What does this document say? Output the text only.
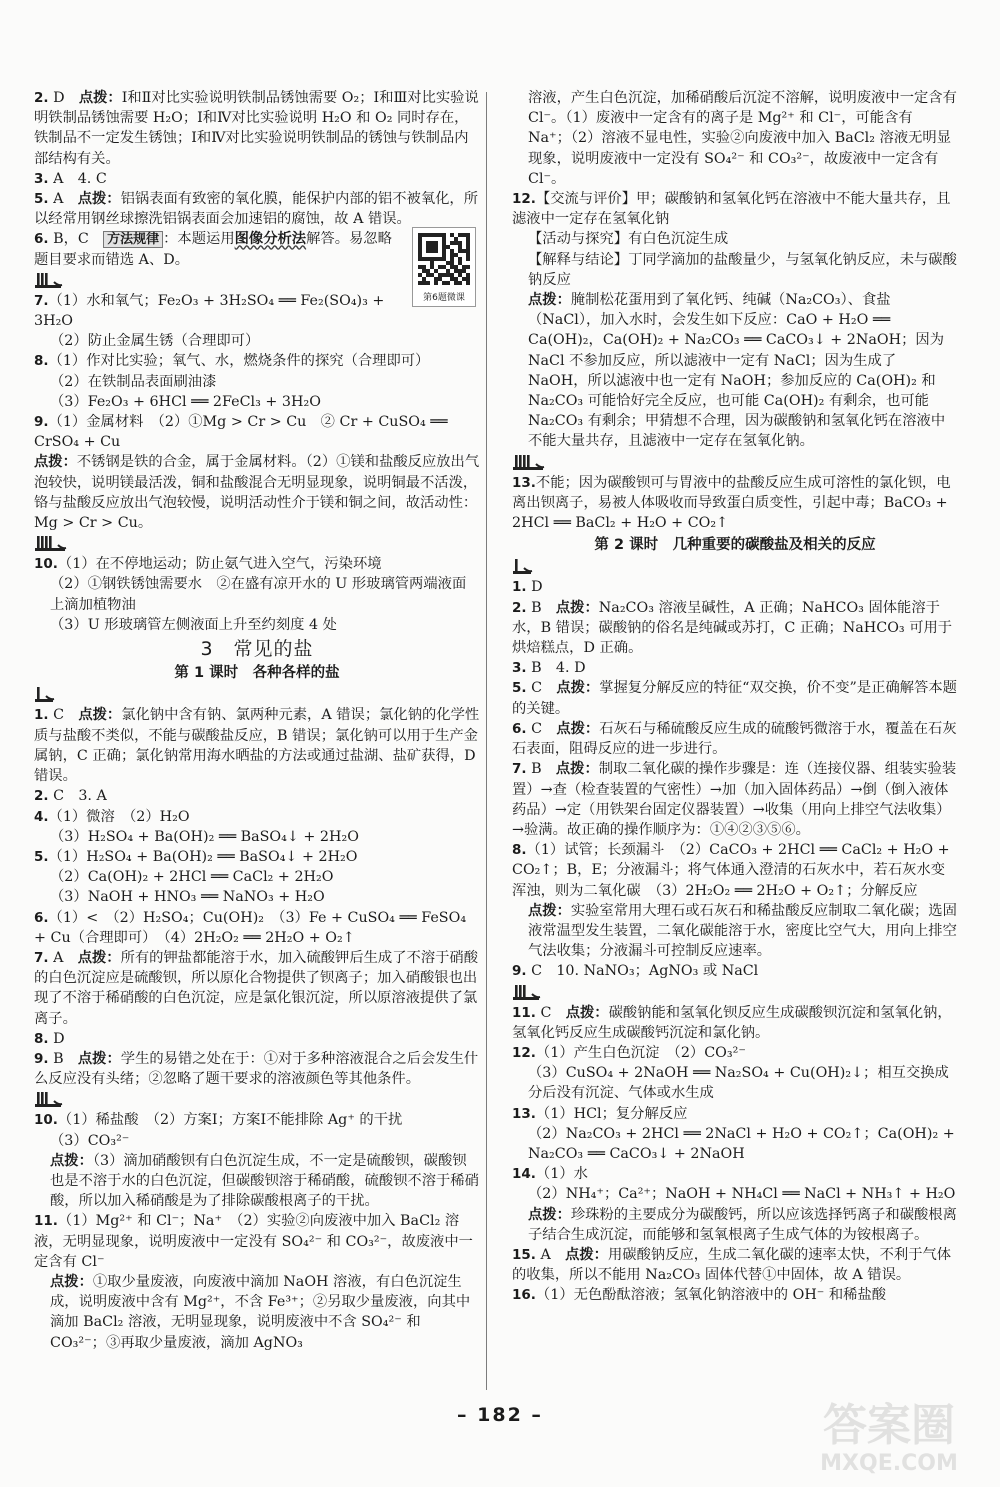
2. D　点拨：Ⅰ和Ⅱ对比实验说明铁制品锈蚀需要 O₂；Ⅰ和Ⅲ对比实验说明铁制品锈蚀需要 H₂O；Ⅰ和Ⅳ对比实验说明 H₂O 和 O₂ 同时存在，铁制品不一定发生锈蚀；Ⅰ和Ⅳ对比实验说明铁制品的锈蚀与铁制品内部结构有关。
3. A　4. C
5. A　点拨：铝锅表面有致密的氧化膜，能保护内部的铝不被氧化，所以经常用钢丝球擦洗铝锅表面会加速铝的腐蚀，故 A 错误。
第6题微课
6. B，C　方法规律 ：本题运用图像分析法解答。易忽略题目要求而错选 A、D。
7.（1）水和氧气；Fe₂O₃ + 3H₂SO₄ ══ Fe₂(SO₄)₃ + 3H₂O
（2）防止金属生锈（合理即可）
8.（1）作对比实验；氧气、水，燃烧条件的探究（合理即可）
（2）在铁制品表面刷油漆
（3）Fe₂O₃ + 6HCl ══ 2FeCl₃ + 3H₂O
9.（1）金属材料　（2）①Mg > Cr > Cu　② Cr + CuSO₄ ══ CrSO₄ + Cu
点拨：不锈钢是铁的合金，属于金属材料。（2）①镁和盐酸反应放出气泡较快，说明镁最活泼，铜和盐酸混合无明显现象，说明铜最不活泼，铬与盐酸反应放出气泡较慢，说明活动性介于镁和铜之间，故活动性：Mg > Cr > Cu。
10.（1）在不停地运动；防止氨气进入空气，污染环境
（2）①钢铁锈蚀需要水　②在盛有凉开水的 U 形玻璃管两端液面上滴加植物油
（3）U 形玻璃管左侧液面上升至约刻度 4 处
3　常见的盐
第 1 课时　各种各样的盐
1. C　点拨：氯化钠中含有钠、氯两种元素，A 错误；氯化钠的化学性质与盐酸不类似，不能与碳酸盐反应，B 错误；氯化钠可以用于生产金属钠，C 正确；氯化钠常用海水晒盐的方法或通过盐湖、盐矿获得，D 错误。
2. C　3. A
4.（1）微溶　（2）H₂O
（3）H₂SO₄ + Ba(OH)₂ ══ BaSO₄↓ + 2H₂O
5.（1）H₂SO₄ + Ba(OH)₂ ══ BaSO₄↓ + 2H₂O
（2）Ca(OH)₂ + 2HCl ══ CaCl₂ + 2H₂O
（3）NaOH + HNO₃ ══ NaNO₃ + H₂O
6.（1）<　（2）H₂SO₄；Cu(OH)₂　（3）Fe + CuSO₄ ══ FeSO₄ + Cu（合理即可）　（4）2H₂O₂ ══ 2H₂O + O₂↑
7. A　点拨：所有的钾盐都能溶于水，加入硫酸钾后生成了不溶于硝酸的白色沉淀应是硫酸钡，所以原化合物提供了钡离子；加入硝酸银也出现了不溶于稀硝酸的白色沉淀，应是氯化银沉淀，所以原溶液提供了氯离子。
8. D
9. B　点拨：学生的易错之处在于：①对于多种溶液混合之后会发生什么反应没有头绪；②忽略了题干要求的溶液颜色等其他条件。
10.（1）稀盐酸　（2）方案Ⅰ；方案Ⅰ不能排除 Ag⁺ 的干扰
（3）CO₃²⁻
点拨：（3）滴加硝酸钡有白色沉淀生成，不一定是硫酸钡，碳酸钡也是不溶于水的白色沉淀，但碳酸钡溶于稀硝酸，硫酸钡不溶于稀硝酸，所以加入稀硝酸是为了排除碳酸根离子的干扰。
11.（1）Mg²⁺ 和 Cl⁻；Na⁺　（2）实验②向废液中加入 BaCl₂ 溶液，无明显现象，说明废液中一定没有 SO₄²⁻ 和 CO₃²⁻，故废液中一定含有 Cl⁻
点拨：①取少量废液，向废液中滴加 NaOH 溶液，有白色沉淀生成，说明废液中含有 Mg²⁺，不含 Fe³⁺；②另取少量废液，向其中滴加 BaCl₂ 溶液，无明显现象，说明废液中不含 SO₄²⁻ 和 CO₃²⁻；③再取少量废液，滴加 AgNO₃
溶液，产生白色沉淀，加稀硝酸后沉淀不溶解，说明废液中一定含有 Cl⁻。（1）废液中一定含有的离子是 Mg²⁺ 和 Cl⁻，可能含有 Na⁺；（2）溶液不显电性，实验②向废液中加入 BaCl₂ 溶液无明显现象，说明废液中一定没有 SO₄²⁻ 和 CO₃²⁻，故废液中一定含有 Cl⁻。
12.【交流与评价】甲；碳酸钠和氢氧化钙在溶液中不能大量共存，且滤液中一定存在氢氧化钠
【活动与探究】有白色沉淀生成
【解释与结论】丁同学滴加的盐酸量少，与氢氧化钠反应，未与碳酸钠反应
点拨：腌制松花蛋用到了氧化钙、纯碱（Na₂CO₃）、食盐（NaCl），加入水时，会发生如下反应：CaO + H₂O ══ Ca(OH)₂，Ca(OH)₂ + Na₂CO₃ ══ CaCO₃↓ + 2NaOH；因为 NaCl 不参加反应，所以滤液中一定有 NaCl；因为生成了 NaOH，所以滤液中也一定有 NaOH；参加反应的 Ca(OH)₂ 和 Na₂CO₃ 可能恰好完全反应，也可能 Ca(OH)₂ 有剩余，也可能 Na₂CO₃ 有剩余；甲猜想不合理，因为碳酸钠和氢氧化钙在溶液中不能大量共存，且滤液中一定存在氢氧化钠。
13.不能；因为碳酸钡可与胃液中的盐酸反应生成可溶性的氯化钡，电离出钡离子，易被人体吸收而导致蛋白质变性，引起中毒；BaCO₃ + 2HCl ══ BaCl₂ + H₂O + CO₂↑
第 2 课时　几种重要的碳酸盐及相关的反应
1. D
2. B　点拨：Na₂CO₃ 溶液呈碱性，A 正确；NaHCO₃ 固体能溶于水，B 错误；碳酸钠的俗名是纯碱或苏打，C 正确；NaHCO₃ 可用于烘焙糕点，D 正确。
3. B　4. D
5. C　点拨：掌握复分解反应的特征“双交换，价不变”是正确解答本题的关键。
6. C　点拨：石灰石与稀硫酸反应生成的硫酸钙微溶于水，覆盖在石灰石表面，阻碍反应的进一步进行。
7. B　点拨：制取二氧化碳的操作步骤是：连（连接仪器、组装实验装置）→查（检查装置的气密性）→加（加入固体药品）→倒（倒入液体药品）→定（用铁架台固定仪器装置）→收集（用向上排空气法收集）→验满。故正确的操作顺序为：①④②③⑤⑥。
8.（1）试管；长颈漏斗　（2）CaCO₃ + 2HCl ══ CaCl₂ + H₂O + CO₂↑；B，E；分液漏斗；将气体通入澄清的石灰水中，若石灰水变浑浊，则为二氧化碳　（3）2H₂O₂ ══ 2H₂O + O₂↑；分解反应
点拨：实验室常用大理石或石灰石和稀盐酸反应制取二氧化碳；选固液常温型发生装置，二氧化碳能溶于水，密度比空气大，用向上排空气法收集；分液漏斗可控制反应速率。
9. C　10. NaNO₃；AgNO₃ 或 NaCl
11. C　点拨：碳酸钠能和氢氧化钡反应生成碳酸钡沉淀和氢氧化钠，氢氧化钙反应生成碳酸钙沉淀和氯化钠。
12.（1）产生白色沉淀　（2）CO₃²⁻
（3）CuSO₄ + 2NaOH ══ Na₂SO₄ + Cu(OH)₂↓；相互交换成分后没有沉淀、气体或水生成
13.（1）HCl；复分解反应
（2）Na₂CO₃ + 2HCl ══ 2NaCl + H₂O + CO₂↑；Ca(OH)₂ + Na₂CO₃ ══ CaCO₃↓ + 2NaOH
14.（1）水
（2）NH₄⁺；Ca²⁺；NaOH + NH₄Cl ══ NaCl + NH₃↑ + H₂O
点拨：珍珠粉的主要成分为碳酸钙，所以应该选择钙离子和碳酸根离子结合生成沉淀，而能够和氢氧根离子生成气体的为铵根离子。
15. A　点拨：用碳酸钠反应，生成二氧化碳的速率太快，不利于气体的收集，所以不能用 Na₂CO₃ 固体代替①中固体，故 A 错误。
16.（1）无色酚酞溶液；氢氧化钠溶液中的 OH⁻ 和稀盐酸
– 182 –	答案圈
MXQE.COM
